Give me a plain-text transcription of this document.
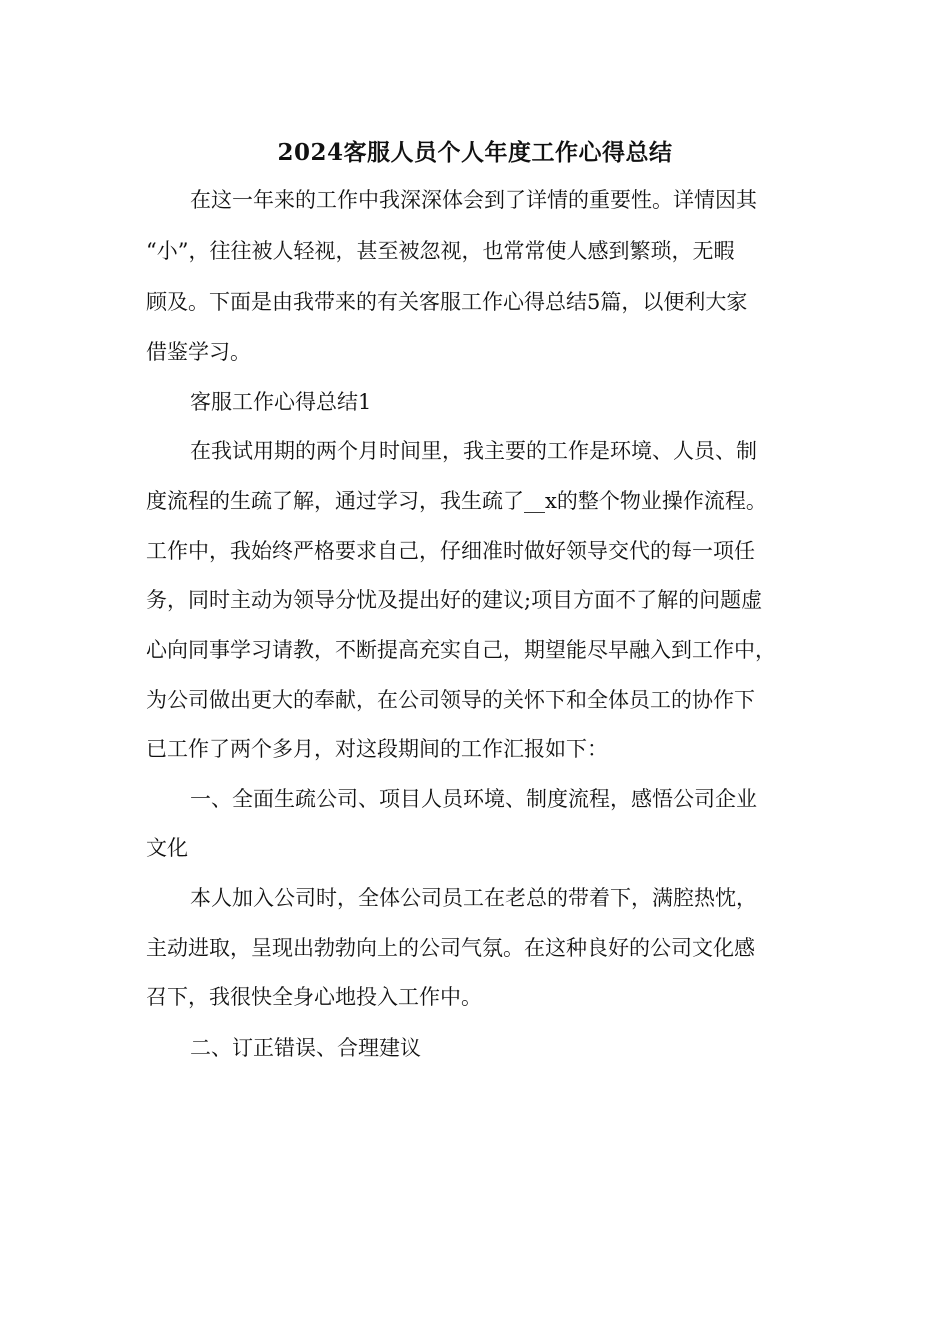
2024客服人员个人年度工作心得总结
在这一年来的工作中我深深体会到了详情的重要性。详情因其
“小”，往往被人轻视，甚至被忽视，也常常使人感到繁琐，无暇
顾及。下面是由我带来的有关客服工作心得总结5篇，以便利大家
借鉴学习。
客服工作心得总结1
在我试用期的两个月时间里，我主要的工作是环境、人员、制
度流程的生疏了解，通过学习，我生疏了__x的整个物业操作流程。
工作中，我始终严格要求自己，仔细准时做好领导交代的每一项任
务，同时主动为领导分忧及提出好的建议;项目方面不了解的问题虚
心向同事学习请教，不断提高充实自己，期望能尽早融入到工作中，
为公司做出更大的奉献，在公司领导的关怀下和全体员工的协作下
已工作了两个多月，对这段期间的工作汇报如下：
一、全面生疏公司、项目人员环境、制度流程，感悟公司企业
文化
本人加入公司时，全体公司员工在老总的带着下，满腔热忱，
主动进取，呈现出勃勃向上的公司气氛。在这种良好的公司文化感
召下，我很快全身心地投入工作中。
二、订正错误、合理建议
